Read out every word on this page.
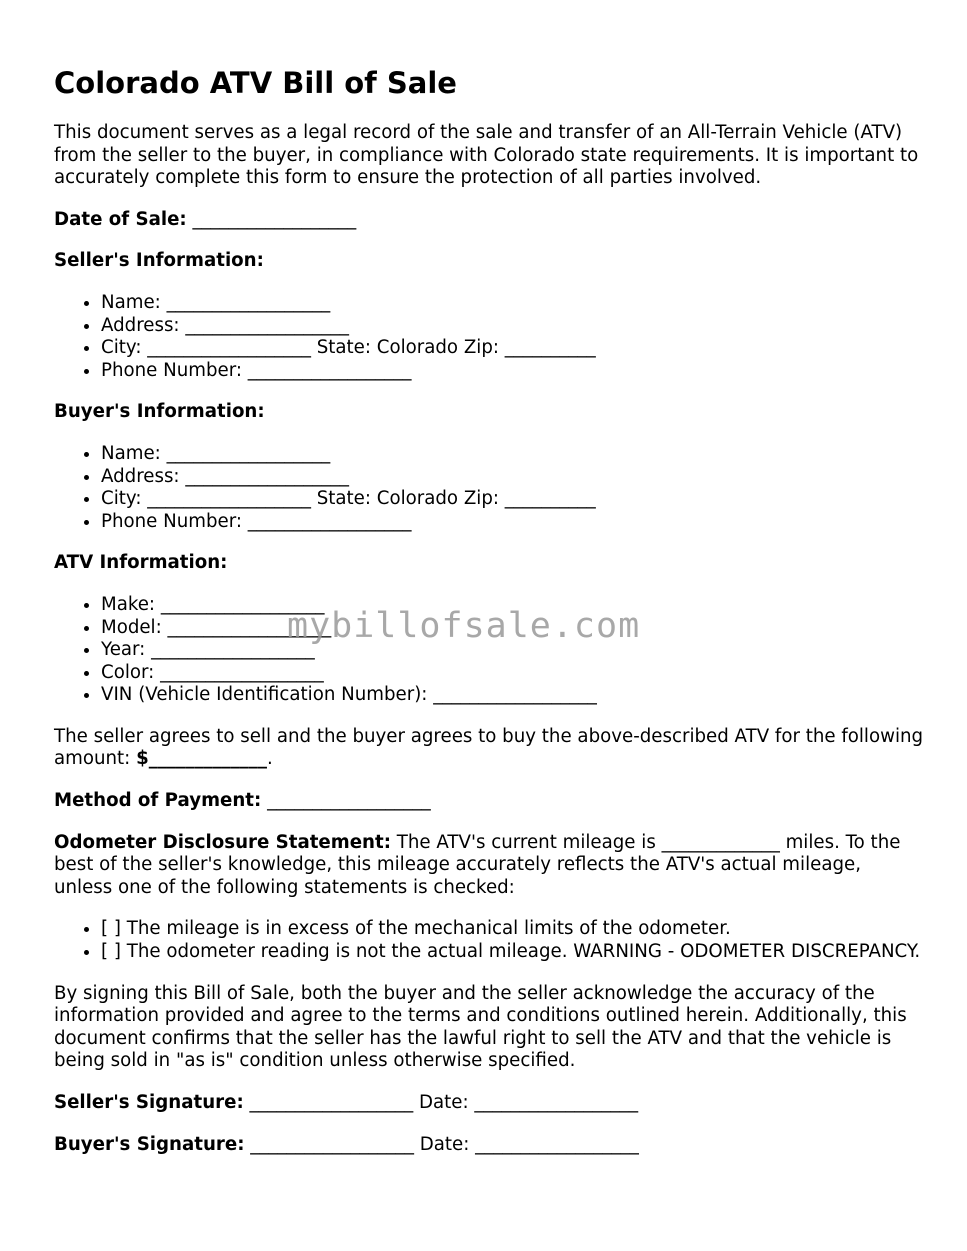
Colorado ATV Bill of Sale

This document serves as a legal record of the sale and transfer of an All-Terrain Vehicle (ATV) from the seller to the buyer, in compliance with Colorado state requirements. It is important to accurately complete this form to ensure the protection of all parties involved.

Date of Sale: __________________

Seller's Information:

• Name: __________________
• Address: __________________
• City: __________________ State: Colorado Zip: __________
• Phone Number: __________________

Buyer's Information:

• Name: __________________
• Address: __________________
• City: __________________ State: Colorado Zip: __________
• Phone Number: __________________

ATV Information:

• Make: __________________
• Model: __________________
• Year: __________________
• Color: __________________
• VIN (Vehicle Identification Number): __________________

The seller agrees to sell and the buyer agrees to buy the above-described ATV for the following amount: $_____________.

Method of Payment: __________________

Odometer Disclosure Statement: The ATV's current mileage is _____________ miles. To the best of the seller's knowledge, this mileage accurately reflects the ATV's actual mileage, unless one of the following statements is checked:

• [ ] The mileage is in excess of the mechanical limits of the odometer.
• [ ] The odometer reading is not the actual mileage. WARNING - ODOMETER DISCREPANCY.

By signing this Bill of Sale, both the buyer and the seller acknowledge the accuracy of the information provided and agree to the terms and conditions outlined herein. Additionally, this document confirms that the seller has the lawful right to sell the ATV and that the vehicle is being sold in "as is" condition unless otherwise specified.

Seller's Signature: __________________ Date: __________________

Buyer's Signature: __________________ Date: __________________

mybillofsale.com
